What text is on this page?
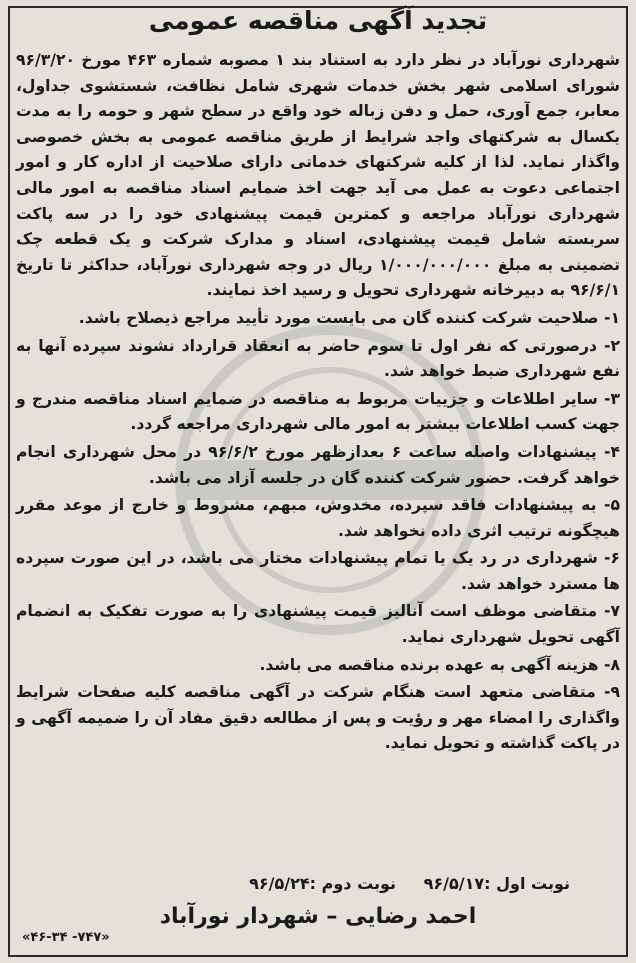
تجدید آگهی مناقصه عمومی

شهرداری نورآباد در نظر دارد به استناد بند ۱ مصوبه شماره ۴۶۳ مورخ ۹۶/۳/۲۰ شورای اسلامی شهر بخش خدمات شهری شامل نظافت، شستشوی جداول، معابر، جمع آوری، حمل و دفن زباله خود واقع در سطح شهر و حومه را به مدت یکسال به شرکتهای واجد شرایط از طریق مناقصه عمومی به بخش خصوصی واگذار نماید. لذا از کلیه شرکتهای خدماتی دارای صلاحیت از اداره کار و امور اجتماعی دعوت به عمل می آید جهت اخذ ضمایم اسناد مناقصه به امور مالی شهرداری نورآباد مراجعه و کمترین قیمت پیشنهادی خود را در سه پاکت سربسته شامل قیمت پیشنهادی، اسناد و مدارک شرکت و یک قطعه چک تضمینی به مبلغ ۱/۰۰۰/۰۰۰/۰۰۰ ریال در وجه شهرداری نورآباد، حداکثر تا تاریخ ۹۶/۶/۱ به دبیرخانه شهرداری تحویل و رسید اخذ نمایند.

۱- صلاحیت شرکت کننده گان می بایست مورد تأیید مراجع ذیصلاح باشد.

۲- درصورتی که نفر اول تا سوم حاضر به انعقاد قرارداد نشوند سپرده آنها به نفع شهرداری ضبط خواهد شد.

۳- سایر اطلاعات و جزییات مربوط به مناقصه در ضمایم اسناد مناقصه مندرج و جهت کسب اطلاعات بیشتر به امور مالی شهرداری مراجعه گردد.

۴- پیشنهادات واصله ساعت ۶ بعدازظهر مورخ ۹۶/۶/۲ در محل شهرداری انجام خواهد گرفت. حضور شرکت کننده گان در جلسه آزاد می باشد.

۵- به پیشنهادات فاقد سپرده، مخدوش، مبهم، مشروط و خارج از موعد مقرر هیچگونه ترتیب اثری داده نخواهد شد.

۶- شهرداری در رد یک یا تمام پیشنهادات مختار می باشد، در این صورت سپرده ها مسترد خواهد شد.

۷- متقاضی موظف است آنالیز قیمت پیشنهادی را به صورت تفکیک به انضمام آگهی تحویل شهرداری نماید.

۸- هزینه آگهی به عهده برنده مناقصه می باشد.

۹- متقاضی متعهد است هنگام شرکت در آگهی مناقصه کلیه صفحات شرایط واگذاری را امضاء مهر و رؤیت و پس از مطالعه دقیق مفاد آن را ضمیمه آگهی و در پاکت گذاشته و تحویل نماید.

نوبت اول :۹۶/۵/۱۷ نوبت دوم :۹۶/۵/۲۴
احمد رضایی – شهردار نورآباد
«۴۶-۳۴ -۷۴۷»
